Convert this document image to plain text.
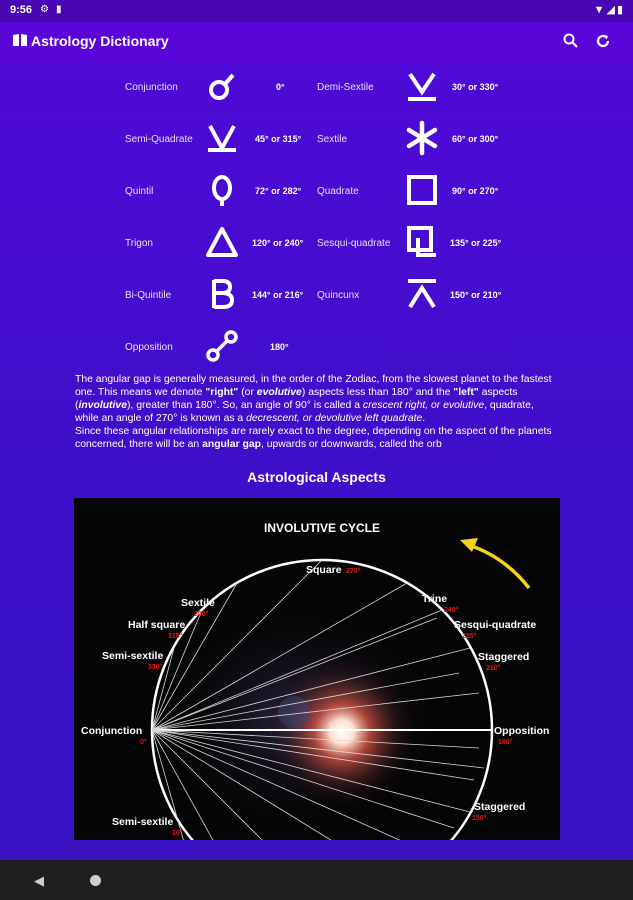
9:56 ⚙ ▮	▼◢▮
Astrology Dictionary
Conjunction	0°	Demi-Sextile	30° or 330°
Semi-Quadrate	45° or 315° Sextile	60° or 300°
Quintil	72° or 282° Quadrate	90° or 270°
Trigon	120° or 240° Sesqui-quadrate	135° or 225°
Bi-Quintile	144° or 216° Quincunx	150° or 210°
Opposition	180°

The angular gap is generally measured, in the order of the Zodiac, from the slowest planet to the fastest one. This means we denote "right" (or evolutive) aspects less than 180° and the "left" aspects (involutive), greater than 180°. So, an angle of 90° is called a crescent right, or evolutive, quadrate, while an angle of 270° is known as a decrescent, or devolutive left quadrate.

Since these angular relationships are rarely exact to the degree, depending on the aspect of the planets concerned, there will be an angular gap, upwards or downwards, called the orb

Astrological Aspects
INVOLUTIVE CYCLE
Square 270°
Trine
240°
Sesqui-quadrate
225°
Staggered
210°
Sextile
300°
Half square
315°
Semi-sextile
330°
Conjunction
0°
Opposition
180°
Staggered
150°
Semi-sextile
30°
◀
